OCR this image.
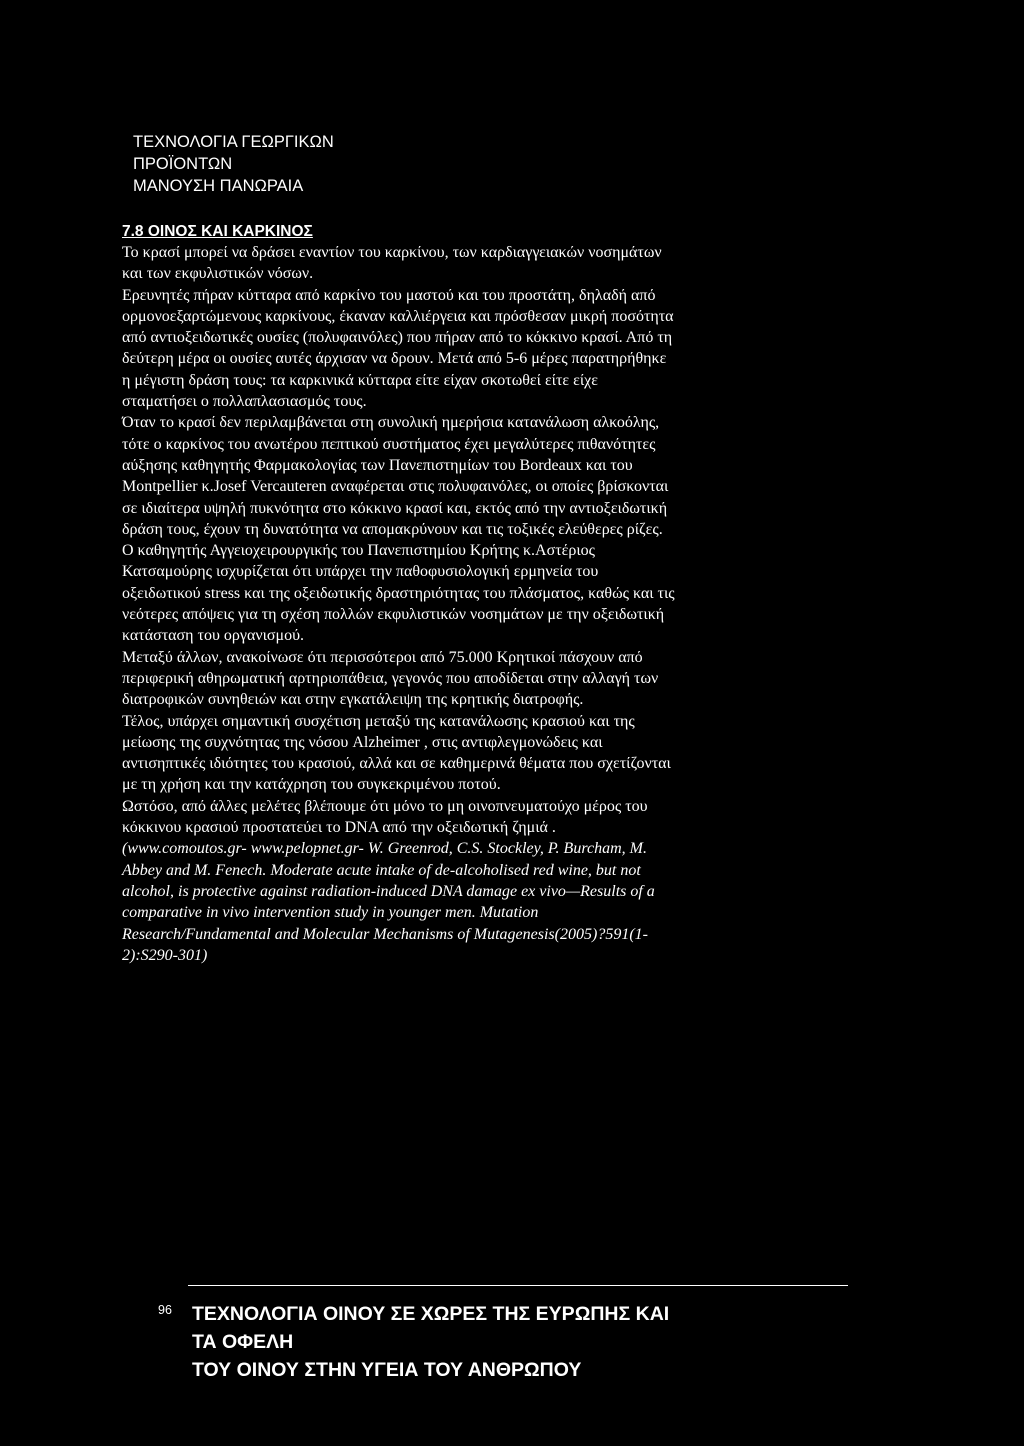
ΤΕΧΝΟΛΟΓΙΑ ΓΕΩΡΓΙΚΩΝ
ΠΡΟΪΟΝΤΩΝ
ΜΑΝΟΥΣΗ ΠΑΝΩΡΑΙΑ
7.8 ΟΙΝΟΣ ΚΑΙ ΚΑΡΚΙΝΟΣ

Το κρασί μπορεί να δράσει εναντίον του καρκίνου, των καρδιαγγειακών νοσημάτων
και των εκφυλιστικών νόσων.

Ερευνητές πήραν κύτταρα από καρκίνο του μαστού και του προστάτη, δηλαδή από
ορμονοεξαρτώμενους καρκίνους, έκαναν καλλιέργεια και πρόσθεσαν μικρή ποσότητα
από αντιοξειδωτικές ουσίες (πολυφαινόλες) που πήραν από το κόκκινο κρασί. Από τη
δεύτερη μέρα οι ουσίες αυτές άρχισαν να δρουν. Μετά από 5-6 μέρες παρατηρήθηκε
η μέγιστη δράση τους: τα καρκινικά κύτταρα είτε είχαν σκοτωθεί είτε είχε
σταματήσει ο πολλαπλασιασμός τους.

Όταν το κρασί δεν περιλαμβάνεται στη συνολική ημερήσια κατανάλωση αλκοόλης,
τότε ο καρκίνος του ανωτέρου πεπτικού συστήματος έχει μεγαλύτερες πιθανότητες
αύξησης καθηγητής Φαρμακολογίας των Πανεπιστημίων του Bordeaux και του
Montpellier κ.Josef Vercauteren αναφέρεται στις πολυφαινόλες, οι οποίες βρίσκονται
σε ιδιαίτερα υψηλή πυκνότητα στο κόκκινο κρασί και, εκτός από την αντιοξειδωτική
δράση τους, έχουν τη δυνατότητα να απομακρύνουν και τις τοξικές ελεύθερες ρίζες.

Ο καθηγητής Αγγειοχειρουργικής του Πανεπιστημίου Κρήτης κ.Αστέριος
Κατσαμούρης ισχυρίζεται ότι υπάρχει την παθοφυσιολογική ερμηνεία του
οξειδωτικού stress και της οξειδωτικής δραστηριότητας του πλάσματος, καθώς και τις
νεότερες απόψεις για τη σχέση πολλών εκφυλιστικών νοσημάτων με την οξειδωτική
κατάσταση του οργανισμού.

Μεταξύ άλλων, ανακοίνωσε ότι περισσότεροι από 75.000 Κρητικοί πάσχουν από
περιφερική αθηρωματική αρτηριοπάθεια, γεγονός που αποδίδεται στην αλλαγή των
διατροφικών συνηθειών και στην εγκατάλειψη της κρητικής διατροφής.

Τέλος, υπάρχει σημαντική συσχέτιση μεταξύ της κατανάλωσης κρασιού και της
μείωσης της συχνότητας της νόσου Alzheimer , στις αντιφλεγμονώδεις και
αντισηπτικές ιδιότητες του κρασιού, αλλά και σε καθημερινά θέματα που σχετίζονται
με τη χρήση και την κατάχρηση του συγκεκριμένου ποτού.

Ωστόσο, από άλλες μελέτες βλέπουμε ότι μόνο το μη οινοπνευματούχο μέρος του
κόκκινου κρασιού προστατεύει το DNA από την οξειδωτική ζημιά .

(www.comoutos.gr- www.pelopnet.gr- W. Greenrod, C.S. Stockley, P. Burcham, M.
Abbey and M. Fenech. Moderate acute intake of de-alcoholised red wine, but not
alcohol, is protective against radiation-induced DNA damage ex vivo—Results of a
comparative in vivo intervention study in younger men. Mutation
Research/Fundamental and Molecular Mechanisms of Mutagenesis(2005)?591(1-
2):S290-301)

96 ΤΕΧΝΟΛΟΓΙΑ ΟΙΝΟΥ ΣΕ ΧΩΡΕΣ ΤΗΣ ΕΥΡΩΠΗΣ ΚΑΙ
ΤΑ ΟΦΕΛΗ
ΤΟΥ ΟΙΝΟΥ ΣΤΗΝ ΥΓΕΙΑ ΤΟΥ ΑΝΘΡΩΠΟΥ
